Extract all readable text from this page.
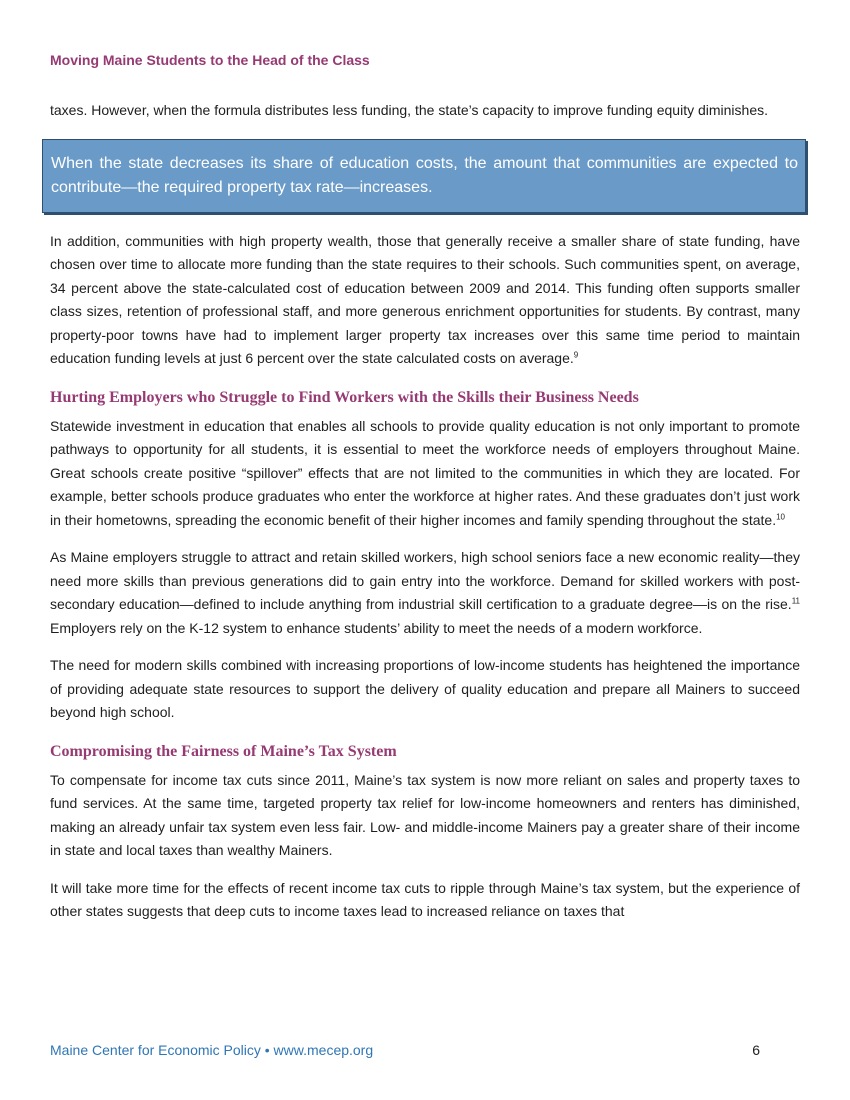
Moving Maine Students to the Head of the Class

taxes. However, when the formula distributes less funding, the state’s capacity to improve funding equity diminishes.

When the state decreases its share of education costs, the amount that communities are expected to contribute—the required property tax rate—increases.

In addition, communities with high property wealth, those that generally receive a smaller share of state funding, have chosen over time to allocate more funding than the state requires to their schools. Such communities spent, on average, 34 percent above the state-calculated cost of education between 2009 and 2014. This funding often supports smaller class sizes, retention of professional staff, and more generous enrichment opportunities for students. By contrast, many property-poor towns have had to implement larger property tax increases over this same time period to maintain education funding levels at just 6 percent over the state calculated costs on average.$^9$

Hurting Employers who Struggle to Find Workers with the Skills their Business Needs

Statewide investment in education that enables all schools to provide quality education is not only important to promote pathways to opportunity for all students, it is essential to meet the workforce needs of employers throughout Maine. Great schools create positive “spillover” effects that are not limited to the communities in which they are located. For example, better schools produce graduates who enter the workforce at higher rates. And these graduates don’t just work in their hometowns, spreading the economic benefit of their higher incomes and family spending throughout the state.$^{10}$

As Maine employers struggle to attract and retain skilled workers, high school seniors face a new economic reality—they need more skills than previous generations did to gain entry into the workforce. Demand for skilled workers with post-secondary education—defined to include anything from industrial skill certification to a graduate degree—is on the rise.$^{11}$ Employers rely on the K-12 system to enhance students’ ability to meet the needs of a modern workforce.

The need for modern skills combined with increasing proportions of low-income students has heightened the importance of providing adequate state resources to support the delivery of quality education and prepare all Mainers to succeed beyond high school.

Compromising the Fairness of Maine’s Tax System

To compensate for income tax cuts since 2011, Maine’s tax system is now more reliant on sales and property taxes to fund services. At the same time, targeted property tax relief for low-income homeowners and renters has diminished, making an already unfair tax system even less fair. Low- and middle-income Mainers pay a greater share of their income in state and local taxes than wealthy Mainers.

It will take more time for the effects of recent income tax cuts to ripple through Maine’s tax system, but the experience of other states suggests that deep cuts to income taxes lead to increased reliance on taxes that

Maine Center for Economic Policy • www.mecep.org	6
